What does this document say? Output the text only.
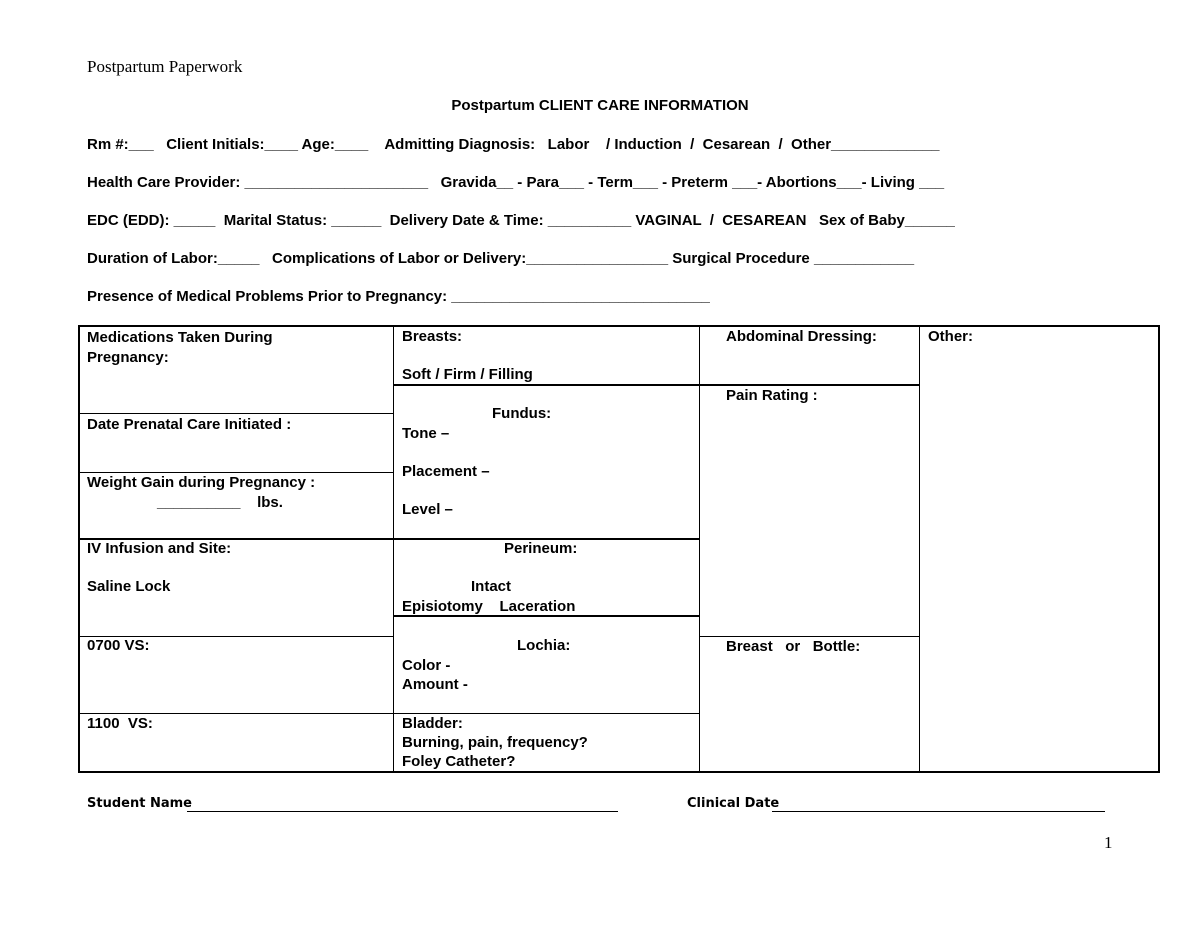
Postpartum Paperwork
Postpartum CLIENT CARE INFORMATION
Rm #:___   Client Initials:____ Age:____    Admitting Diagnosis:   Labor    / Induction  /  Cesarean  /  Other_____________
Health Care Provider: ______________________   Gravida__ - Para___ - Term___ - Preterm ___- Abortions___- Living ___
EDC (EDD): _____  Marital Status: ______  Delivery Date & Time: __________ VAGINAL  /  CESAREAN   Sex of Baby______
Duration of Labor:_____   Complications of Labor or Delivery:_________________ Surgical Procedure ____________
Presence of Medical Problems Prior to Pregnancy: _______________________________
Medications Taken During
Pregnancy:
Date Prenatal Care Initiated :
Weight Gain during Pregnancy :
__________    lbs.
IV Infusion and Site:
Saline Lock
0700 VS:
1100  VS:
Breasts:
Soft / Firm / Filling
Fundus:
Tone –
Placement –
Level –
Perineum:
Intact
Episiotomy    Laceration
Lochia:
Color -
Amount -
Bladder:
Burning, pain, frequency?
Foley Catheter?
Abdominal Dressing:
Pain Rating :
Breast   or   Bottle:
Other:
Student Name	Clinical Date
1
